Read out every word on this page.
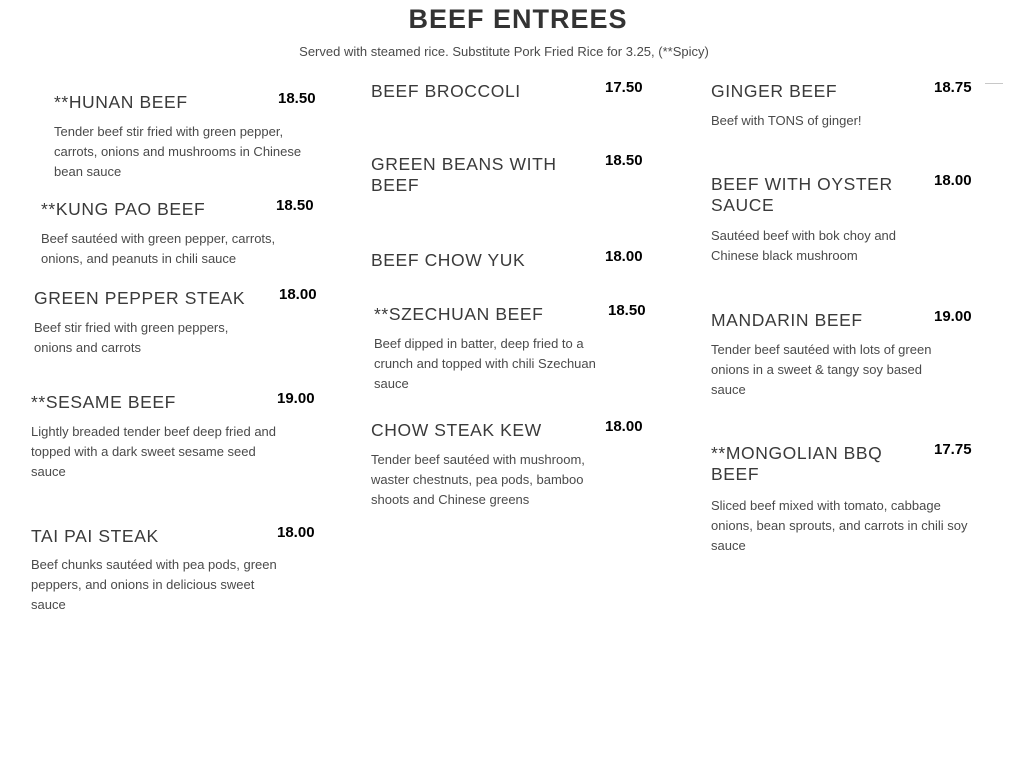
BEEF ENTREES
Served with steamed rice. Substitute Pork Fried Rice for 3.25, (**Spicy)
**HUNAN BEEF	18.50
Tender beef stir fried with green pepper, carrots, onions and mushrooms in Chinese bean sauce
**KUNG PAO BEEF	18.50
Beef sautéed with green pepper, carrots, onions, and peanuts in chili sauce
GREEN PEPPER STEAK 18.00
Beef stir fried with green peppers, onions and carrots
**SESAME BEEF	19.00
Lightly breaded tender beef deep fried and topped with a dark sweet sesame seed sauce
TAI PAI STEAK	18.00
Beef chunks sautéed with pea pods, green peppers, and onions in delicious sweet sauce
BEEF BROCCOLI	17.50
GREEN BEANS WITH BEEF
18.50
BEEF CHOW YUK	18.00
**SZECHUAN BEEF	18.50
Beef dipped in batter, deep fried to a crunch and topped with chili Szechuan sauce
CHOW STEAK KEW	18.00
Tender beef sautéed with mushroom, waster chestnuts, pea pods, bamboo shoots and Chinese greens
GINGER BEEF	18.75
Beef with TONS of ginger!
BEEF WITH OYSTER SAUCE
18.00
Sautéed beef with bok choy and Chinese black mushroom
MANDARIN BEEF	19.00
Tender beef sautéed with lots of green onions in a sweet & tangy soy based sauce
**MONGOLIAN BBQ BEEF
17.75
Sliced beef mixed with tomato, cabbage onions, bean sprouts, and carrots in chili soy sauce
